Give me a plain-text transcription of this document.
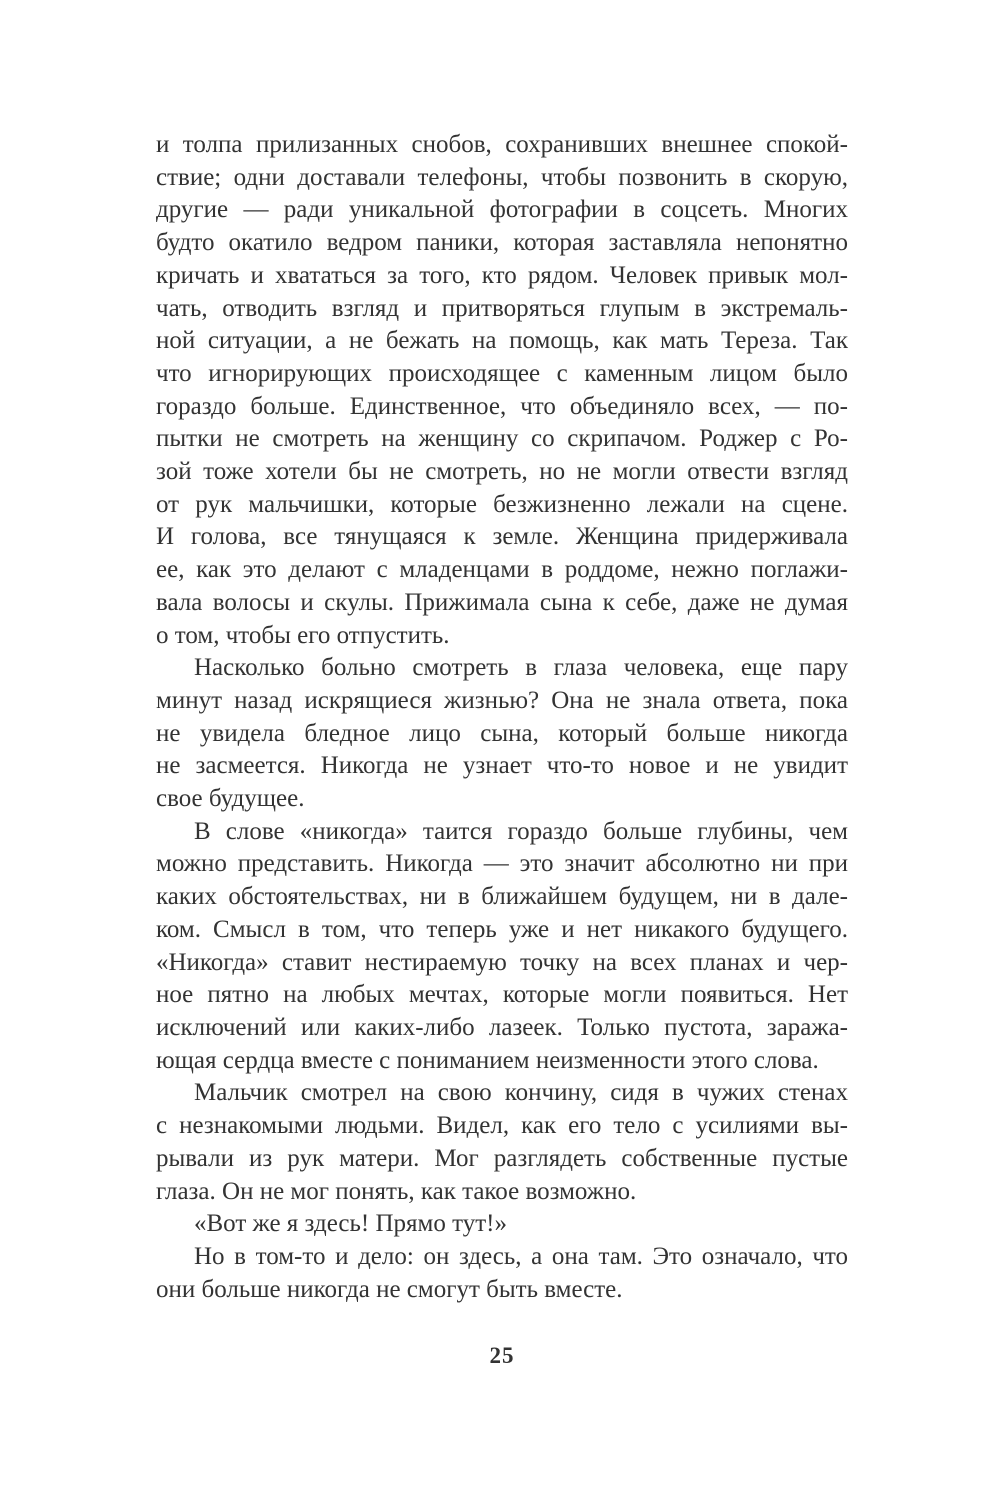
и толпа прилизанных снобов, сохранивших внешнее спокой-
ствие; одни доставали телефоны, чтобы позвонить в скорую,
другие — ради уникальной фотографии в соцсеть. Многих
будто окатило ведром паники, которая заставляла непонятно
кричать и хвататься за того, кто рядом. Человек привык мол-
чать, отводить взгляд и притворяться глупым в экстремаль-
ной ситуации, а не бежать на помощь, как мать Тереза. Так
что игнорирующих происходящее с каменным лицом было
гораздо больше. Единственное, что объединяло всех, — по-
пытки не смотреть на женщину со скрипачом. Роджер с Ро-
зой тоже хотели бы не смотреть, но не могли отвести взгляд
от рук мальчишки, которые безжизненно лежали на сцене.
И голова, все тянущаяся к земле. Женщина придерживала
ее, как это делают с младенцами в роддоме, нежно поглажи-
вала волосы и скулы. Прижимала сына к себе, даже не думая
о том, чтобы его отпустить.
Насколько больно смотреть в глаза человека, еще пару
минут назад искрящиеся жизнью? Она не знала ответа, пока
не увидела бледное лицо сына, который больше никогда
не засмеется. Никогда не узнает что-то новое и не увидит
свое будущее.
В слове «никогда» таится гораздо больше глубины, чем
можно представить. Никогда — это значит абсолютно ни при
каких обстоятельствах, ни в ближайшем будущем, ни в дале-
ком. Смысл в том, что теперь уже и нет никакого будущего.
«Никогда» ставит нестираемую точку на всех планах и чер-
ное пятно на любых мечтах, которые могли появиться. Нет
исключений или каких-либо лазеек. Только пустота, заража-
ющая сердца вместе с пониманием неизменности этого слова.
Мальчик смотрел на свою кончину, сидя в чужих стенах
с незнакомыми людьми. Видел, как его тело с усилиями вы-
рывали из рук матери. Мог разглядеть собственные пустые
глаза. Он не мог понять, как такое возможно.
«Вот же я здесь! Прямо тут!»
Но в том-то и дело: он здесь, а она там. Это означало, что
они больше никогда не смогут быть вместе.
25
